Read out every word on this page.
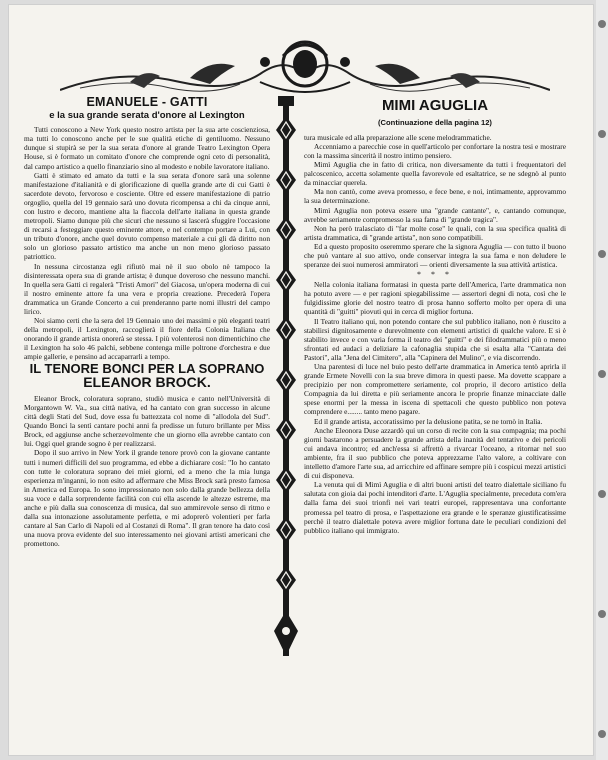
EMANUELE - GATTI
e la sua grande serata d'onore al Lexington

Tutti conoscono a New York questo nostro artista per la sua arte coscienziosa, ma tutti lo conoscono anche per le sue qualità etiche di gentiluomo. Nessuno dunque si stupirà se per la sua serata d'onore al grande Teatro Lexington Opera House, si è formato un comitato d'onore che comprende ogni ceto di personalità, dal campo artistico a quello finanziario sino al modesto e nobile lavoratore italiano.

Gatti è stimato ed amato da tutti e la sua serata d'onore sarà una solenne manifestazione d'italianità e di glorificazione di quella grande arte di cui Gatti è sacerdote devoto, fervoroso e cosciente. Oltre ed essere manifestazione di patrio orgoglio, quella del 19 gennaio sarà uno dovuta ricompensa a chi da cinque anni, con lustro e decoro, mantiene alta la fiaccola dell'arte italiana in questa grande metropoli. Siamo dunque più che sicuri che nessuno si lascerà sfuggire l'occasione di recarsi a festeggiare questo eminente attore, e nel contempo portare a Lui, con un tributo d'onore, anche quel dovuto compenso materiale a cui gli dà diritto non solo un glorioso passato artistico ma anche un non meno glorioso passato patriottico.

In nessuna circostanza egli rifiutò mai nè il suo obolo nè tampoco la disinteressata opera sua di grande artista; è dunque doveroso che nessuno manchi. In quella sera Gatti ci regalerà "Tristi Amori" del Giacosa, un'opera moderna di cui il nostro eminente attore fa una vera e propria creazione. Precederà l'opera drammatica un Grande Concerto a cui prenderanno parte nomi illustri del campo lirico.

Noi siamo certi che la sera del 19 Gennaio uno dei massimi e più eleganti teatri della metropoli, il Lexington, raccoglierà il fiore della Colonia Italiana che onorando il grande artista onorerà se stessa. I più volenterosi non dimentichino che il Lexington ha solo 46 palchi, sebbene contenga mille poltrone d'orchestra e due ampie gallerie, e pensino ad accaparrarli a tempo.

IL TENORE BONCI PER LA SOPRANO
ELEANOR BROCK.

Eleanor Brock, coloratura soprano, studiò musica e canto nell'Università di Morgantown W. Va., sua città nativa, ed ha cantato con gran successo in alcune città degli Stati del Sud, dove essa fu battezzata col nome di "allodola del Sud". Quando Bonci la sentì cantare pochi anni fa predisse un futuro brillante per Miss Brock, ed aggiunse anche scherzevolmente che un giorno ella avrebbe cantato con lui. Oggi quel grande sogno è per realizzarsi.

Dopo il suo arrivo in New York il grande tenore provò con la giovane cantante tutti i numeri difficili del suo programma, ed ebbe a dichiarare così: "Io ho cantato con tutte le coloratura soprano dei miei giorni, ed a meno che la mia lunga esperienza m'inganni, io non esito ad affermare che Miss Brock sarà presto famosa in America ed Europa. Io sono impressionato non solo dalla grande bellezza della sua voce e dalla sorprendente facilità con cui ella ascende le altezze estreme, ma anche e più dalla sua conoscenza di musica, dal suo ammirevole senso di ritmo e dalla sua intonazione assolutamente perfetta, e mi adoprerò volentieri per farla cantare al San Carlo di Napoli ed al Costanzi di Roma". Il gran tenore ha dato così una nuova prova evidente del suo interessamento nei giovani artisti americani che promettono.

MIMI AGUGLIA
(Continuazione della pagina 12)

tura musicale ed alla preparazione alle scene melodrammatiche.

Accenniamo a parecchie cose in quell'articolo per confortare la nostra tesi e mostrare con la massima sincerità il nostro intimo pensiero.

Mimì Aguglia che in fatto di critica, non diversamente da tutti i frequentatori del palcoscenico, accetta solamente quella favorevole ed esaltatrice, se ne sdegnò al punto da minacciar querela.

Ma non cantò, come aveva promesso, e fece bene, e noi, intimamente, approvammo la sua determinazione.

Mimì Aguglia non poteva essere una "grande cantante", e, cantando comunque, avrebbe seriamente compromesso la sua fama di "grande tragica".

Non ha però tralasciato di "far molte cose" le quali, con la sua specifica qualità di artista drammatica, di "grande artista", non sono compatibili.

Ed a questo proposito oseremmo sperare che la signora Aguglia — con tutto il buono che può vantare al suo attivo, onde conservar integra la sua fama e non deludere le speranze dei suoi numerosi ammiratori — orienti diversamente la sua attività artistica.

* * *

Nella colonia italiana formatasi in questa parte dell'America, l'arte drammatica non ha potuto avere — e per ragioni spiegabilissime — assertori degni di nota, così che le fulgidissime glorie del nostro teatro di prosa hanno sofferto molto per opera di una quantità di "guitti" piovuti qui in cerca di miglior fortuna.

Il Teatro italiano qui, non potendo contare che sul pubblico italiano, non è riuscito a stabilirsi dignitosamente e durevolmente con elementi artistici di qualche valore. E si è stabilito invece e con varia forma il teatro dei "guitti" e dei filodrammatici più o meno sfrontati ed audaci a deliziare la cafonaglia stupida che si esalta alla "Cantata dei Pastori", alla "Jena del Cimitero", alla "Capinera del Mulino", e via discorrendo.

Una parentesi di luce nel buio pesto dell'arte drammatica in America tentò aprirla il grande Ermete Novelli con la sua breve dimora in questi paese. Ma dovette scappare a precipizio per non compromettere seriamente, col proprio, il decoro artistico della Compagnia da lui diretta e più seriamente ancora le proprie finanze minacciate dalle spese enormi per la messa in iscena di spettacoli che questo pubblico non poteva comprendere e........ tanto meno pagare.

Ed il grande artista, accoratissimo per la delusione patita, se ne tornò in Italia.

Anche Eleonora Duse azzardò qui un corso di recite con la sua compagnia; ma pochi giorni bastarono a persuadere la grande artista della inanità del tentativo e dei pericoli cui andava incontro; ed anch'essa si affrettò a rivarcar l'oceano, a ritornar nel suo ambiente, fra il suo pubblico che poteva apprezzarne l'alto valore, a coltivare con intelletto d'amore l'arte sua, ad arricchire ed affinare sempre più i cospicui mezzi artistici di cui disponeva.

La venuta qui di Mimì Aguglia e di altri buoni artisti del teatro dialettale siciliano fu salutata con gioia dai pochi intenditori d'arte. L'Aguglia specialmente, preceduta com'era dalla fama dei suoi trionfi nei vari teatri europei, rappresentava una confortante promessa pel teatro di prosa, e l'aspettazione era grande e le speranze giustificatissime perchè il teatro dialettale poteva avere miglior fortuna date le peculiari condizioni del pubblico italiano qui immigrato.
